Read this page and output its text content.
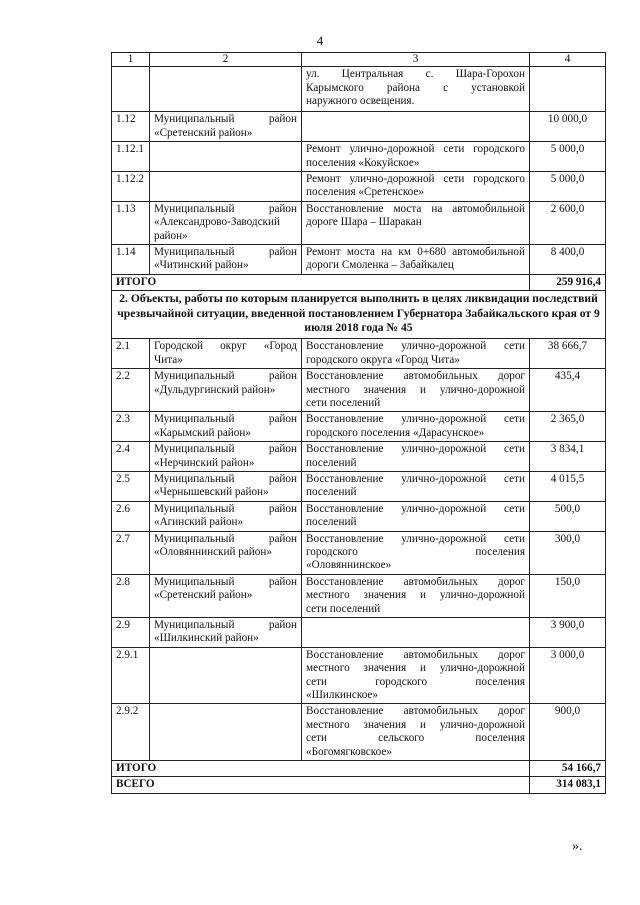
4
1	2	3	4

		ул. Центральная с. Шара-Горохон
Карымского района с установкой
наружного освещения.	

1.12	Муниципальный район
«Сретенский район»		10 000,0
1.12.1		Ремонт улично-дорожной сети городского
поселения «Кокуйское»	5 000,0
1.12.2		Ремонт улично-дорожной сети городского
поселения «Сретенское»	5 000,0
1.13	Муниципальный район
«Александрово-Заводский
район»	Восстановление моста на автомобильной
дороге Шара – Шаракан	2 600,0
1.14	Муниципальный район
«Читинский район»	Ремонт моста на км 0+680 автомобильной
дороги Смоленка – Забайкалец	8 400,0
ИТОГО			259 916,4
2. Объекты, работы по которым планируется выполнить в целях ликвидации последствий чрезвычайной ситуации, введенной постановлением Губернатора Забайкальского края от 9 июля 2018 года № 45			
2.1	Городской округ «Город
Чита»	Восстановление улично-дорожной сети
городского округа «Город Чита»	38 666,7
2.2	Муниципальный район
«Дульдургинский район»	Восстановление автомобильных дорог
местного значения и улично-дорожной
сети поселений	435,4
2.3	Муниципальный район
«Карымский район»	Восстановление улично-дорожной сети
городского поселения «Дарасунское»	2 365,0
2.4	Муниципальный район
«Нерчинский район»	Восстановление улично-дорожной сети
поселений	3 834,1
2.5	Муниципальный район
«Чернышевский район»	Восстановление улично-дорожной сети
поселений	4 015,5
2.6	Муниципальный район
«Агинский район»	Восстановление улично-дорожной сети
поселений	500,0
2.7	Муниципальный район
«Оловяннинский район»	Восстановление улично-дорожной сети
городского поселения
«Оловяннинское»	300,0
2.8	Муниципальный район
«Сретенский район»	Восстановление автомобильных дорог
местного значения и улично-дорожной
сети поселений	150,0
2.9	Муниципальный район
«Шилкинский район»		3 900,0
2.9.1		Восстановление автомобильных дорог
местного значения и улично-дорожной
сети городского поселения
«Шилкинское»	3 000,0
2.9.2		Восстановление автомобильных дорог
местного значения и улично-дорожной
сети сельского поселения
«Богомягковское»	900,0
ИТОГО			54 166,7
ВСЕГО			314 083,1
».
